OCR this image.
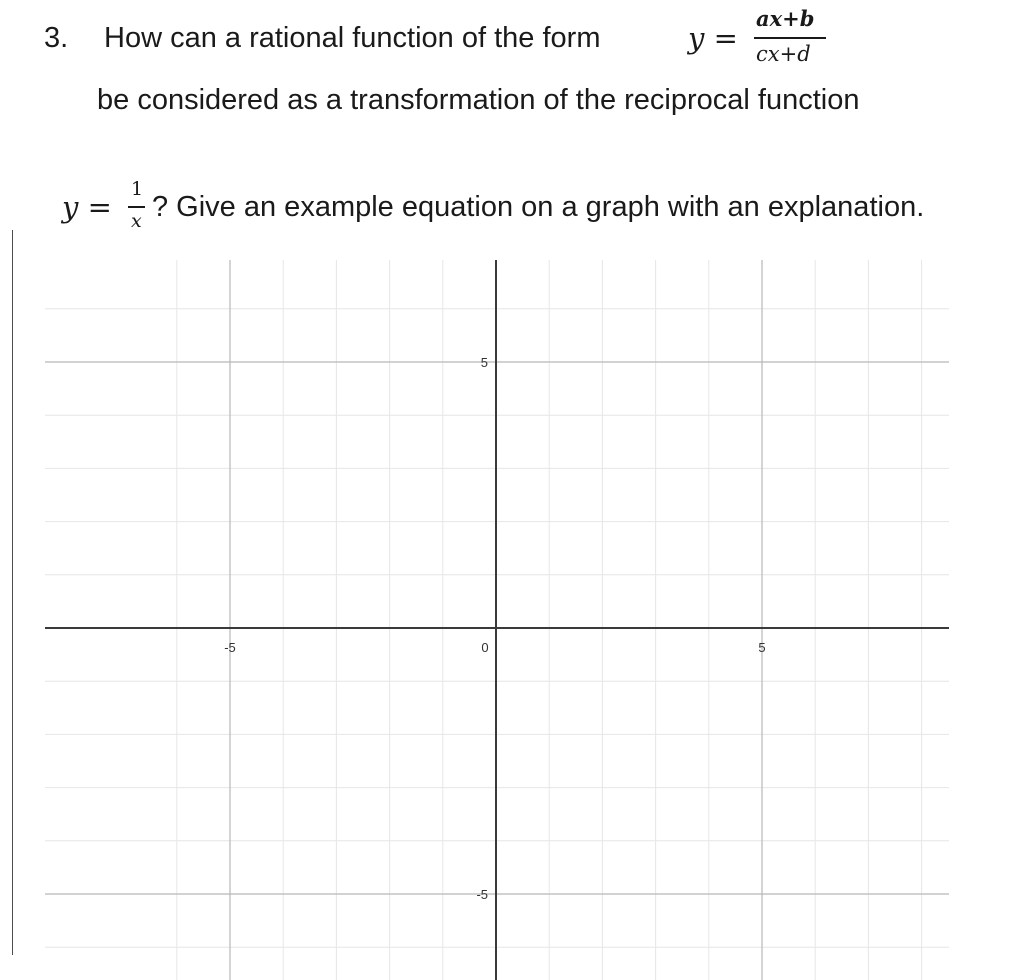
3. How can a rational function of the form	y =
ax+b
cx+d
be considered as a transformation of the reciprocal function
y =
1
x ? Give an example equation on a graph with an explanation.
-5	0	5
5
-5
